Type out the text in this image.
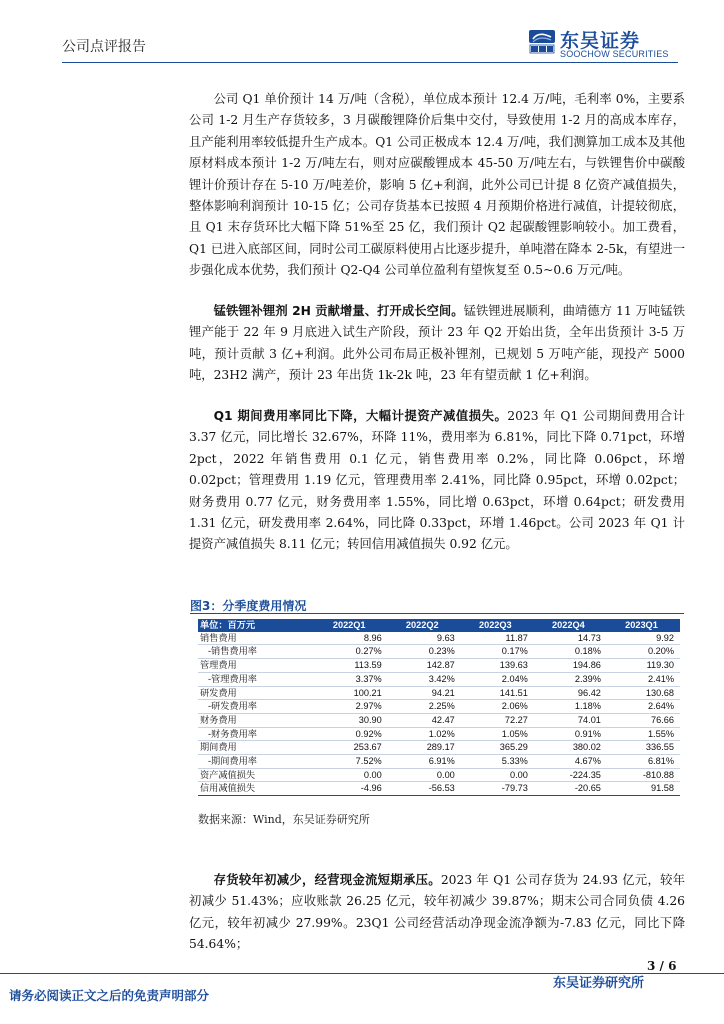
公司点评报告	东吴证券
SOOCHOW SECURITIES

公司 Q1 单价预计 14 万/吨（含税），单位成本预计 12.4 万/吨，毛利率 0%，主要系公司 1-2 月生产存货较多，3 月碳酸锂降价后集中交付，导致使用 1-2 月的高成本库存，且产能利用率较低提升生产成本。Q1 公司正极成本 12.4 万/吨，我们测算加工成本及其他原材料成本预计 1-2 万/吨左右，则对应碳酸锂成本 45-50 万/吨左右，与铁锂售价中碳酸锂计价预计存在 5-10 万/吨差价，影响 5 亿+利润，此外公司已计提 8 亿资产减值损失，整体影响利润预计 10-15 亿；公司存货基本已按照 4 月预期价格进行减值，计提较彻底，且 Q1 末存货环比大幅下降 51%至 25 亿，我们预计 Q2 起碳酸锂影响较小。加工费看，Q1 已进入底部区间，同时公司工碳原料使用占比逐步提升，单吨潜在降本 2-5k，有望进一步强化成本优势，我们预计 Q2-Q4 公司单位盈利有望恢复至 0.5~0.6 万元/吨。

锰铁锂补锂剂 2H 贡献增量、打开成长空间。锰铁锂进展顺利，曲靖德方 11 万吨锰铁锂产能于 22 年 9 月底进入试生产阶段，预计 23 年 Q2 开始出货，全年出货预计 3-5 万吨，预计贡献 3 亿+利润。此外公司布局正极补锂剂，已规划 5 万吨产能，现投产 5000 吨，23H2 满产，预计 23 年出货 1k-2k 吨，23 年有望贡献 1 亿+利润。

Q1 期间费用率同比下降，大幅计提资产减值损失。2023 年 Q1 公司期间费用合计 3.37 亿元，同比增长 32.67%，环降 11%，费用率为 6.81%，同比下降 0.71pct，环增 2pct，2022 年销售费用 0.1 亿元，销售费用率 0.2%，同比降 0.06pct，环增 0.02pct；管理费用 1.19 亿元，管理费用率 2.41%，同比降 0.95pct，环增 0.02pct；财务费用 0.77 亿元，财务费用率 1.55%，同比增 0.63pct，环增 0.64pct；研发费用 1.31 亿元，研发费用率 2.64%，同比降 0.33pct，环增 1.46pct。公司 2023 年 Q1 计提资产减值损失 8.11 亿元；转回信用减值损失 0.92 亿元。

图3：分季度费用情况
单位：百万元	2022Q1	2022Q2	2022Q3	2022Q4	2023Q1
销售费用	8.96	9.63	11.87	14.73	9.92
-销售费用率	0.27%	0.23%	0.17%	0.18%	0.20%
管理费用	113.59	142.87	139.63	194.86	119.30
-管理费用率	3.37%	3.42%	2.04%	2.39%	2.41%
研发费用	100.21	94.21	141.51	96.42	130.68
-研发费用率	2.97%	2.25%	2.06%	1.18%	2.64%
财务费用	30.90	42.47	72.27	74.01	76.66
-财务费用率	0.92%	1.02%	1.05%	0.91%	1.55%
期间费用	253.67	289.17	365.29	380.02	336.55
-期间费用率	7.52%	6.91%	5.33%	4.67%	6.81%
资产减值损失	0.00	0.00	0.00	-224.35	-810.88
信用减值损失	-4.96	-56.53	-79.73	-20.65	91.58
数据来源：Wind，东吴证券研究所

存货较年初减少，经营现金流短期承压。2023 年 Q1 公司存货为 24.93 亿元，较年初减少 51.43%；应收账款 26.25 亿元，较年初减少 39.87%；期末公司合同负债 4.26 亿元，较年初减少 27.99%。23Q1 公司经营活动净现金流净额为-7.83 亿元，同比下降 54.64%；

3 / 6
请务必阅读正文之后的免责声明部分
东吴证券研究所
